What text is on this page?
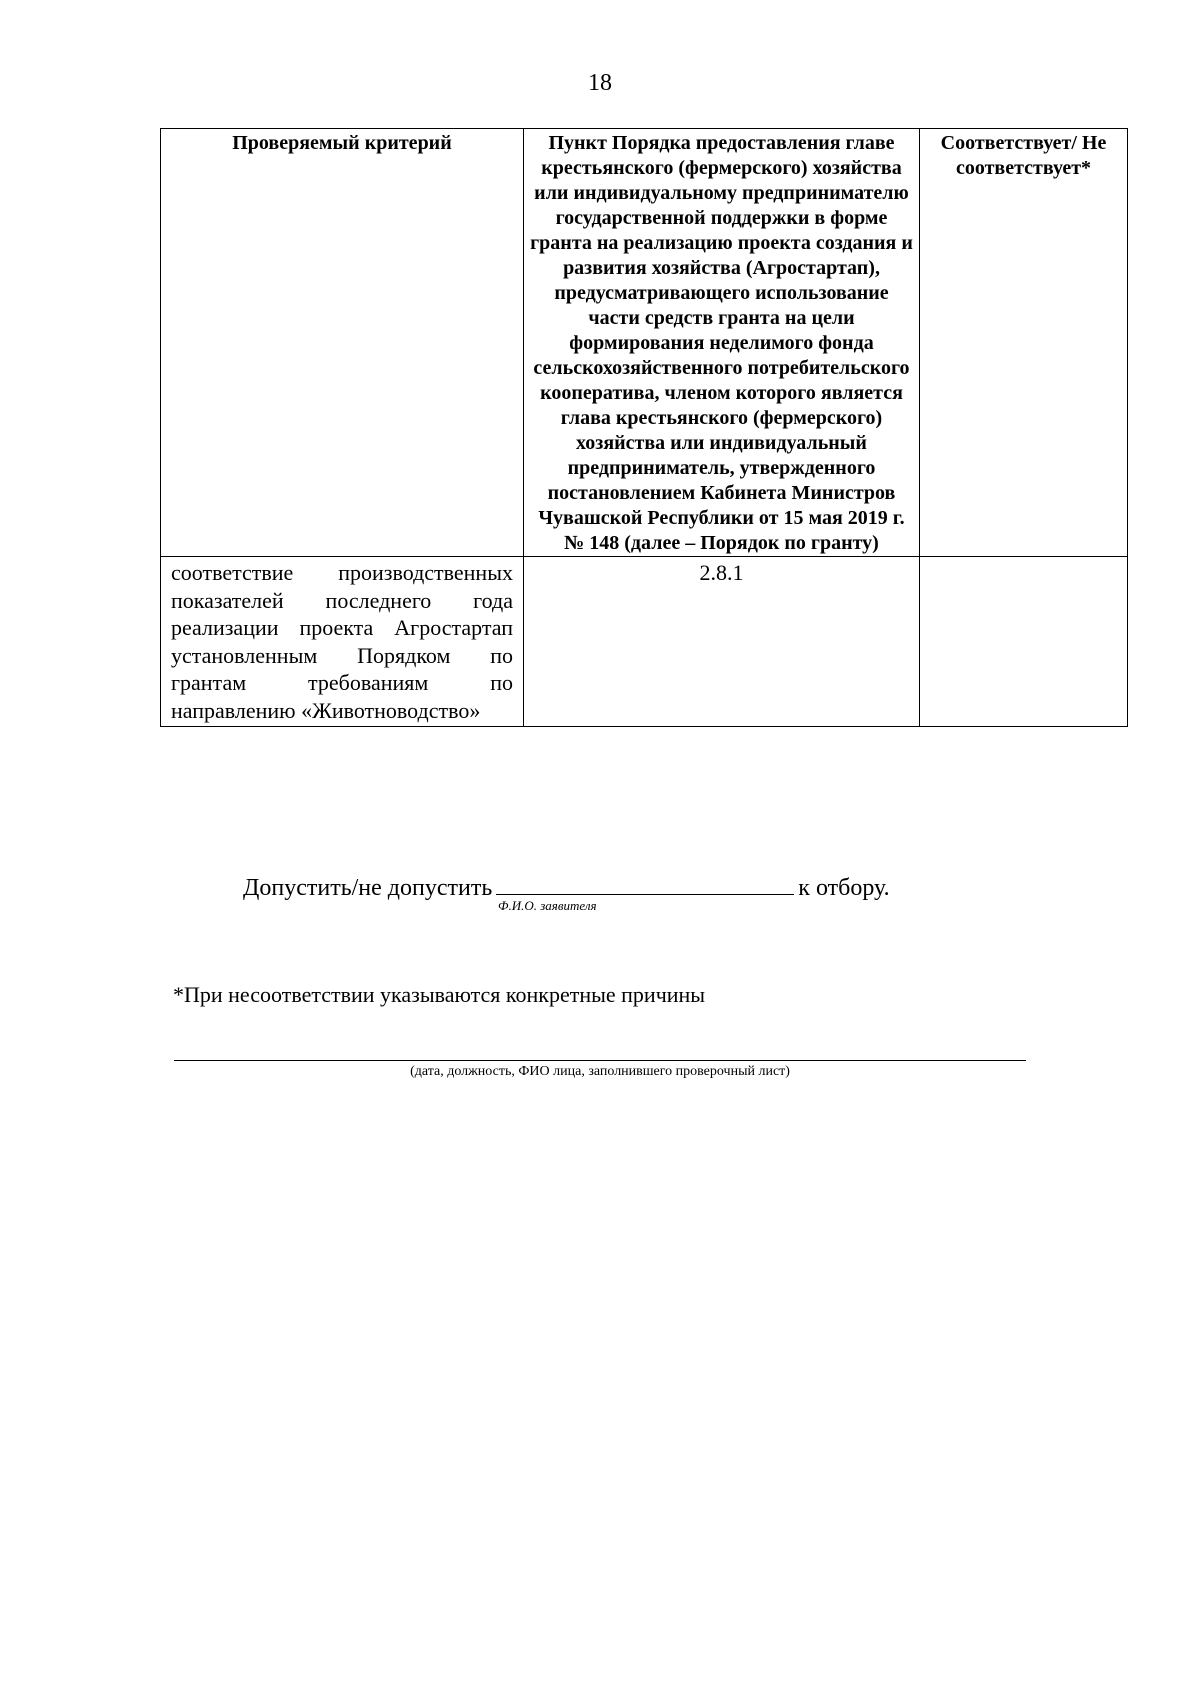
18
Проверяемый критерий	Пункт Порядка предоставления главе крестьянского (фермерского) хозяйства или индивидуальному предпринимателю государственной поддержки в форме гранта на реализацию проекта создания и развития хозяйства (Агростартап), предусматривающего использование части средств гранта на цели формирования неделимого фонда сельскохозяйственного потребительского кооператива, членом которого является глава крестьянского (фермерского) хозяйства или индивидуальный предприниматель, утвержденного постановлением Кабинета Министров Чувашской Республики от 15 мая 2019 г. № 148 (далее – Порядок по гранту)	Соответствует/ Не соответствует*
соответствие производственных показателей последнего года реализации проекта Агростартап установленным Порядком по грантам требованиям по направлению «Животноводство»	2.8.1	
Допустить/не допустить	к отбору.
Ф.И.О. заявителя
*При несоответствии указываются конкретные причины
(дата, должность, ФИО лица, заполнившего проверочный лист)
